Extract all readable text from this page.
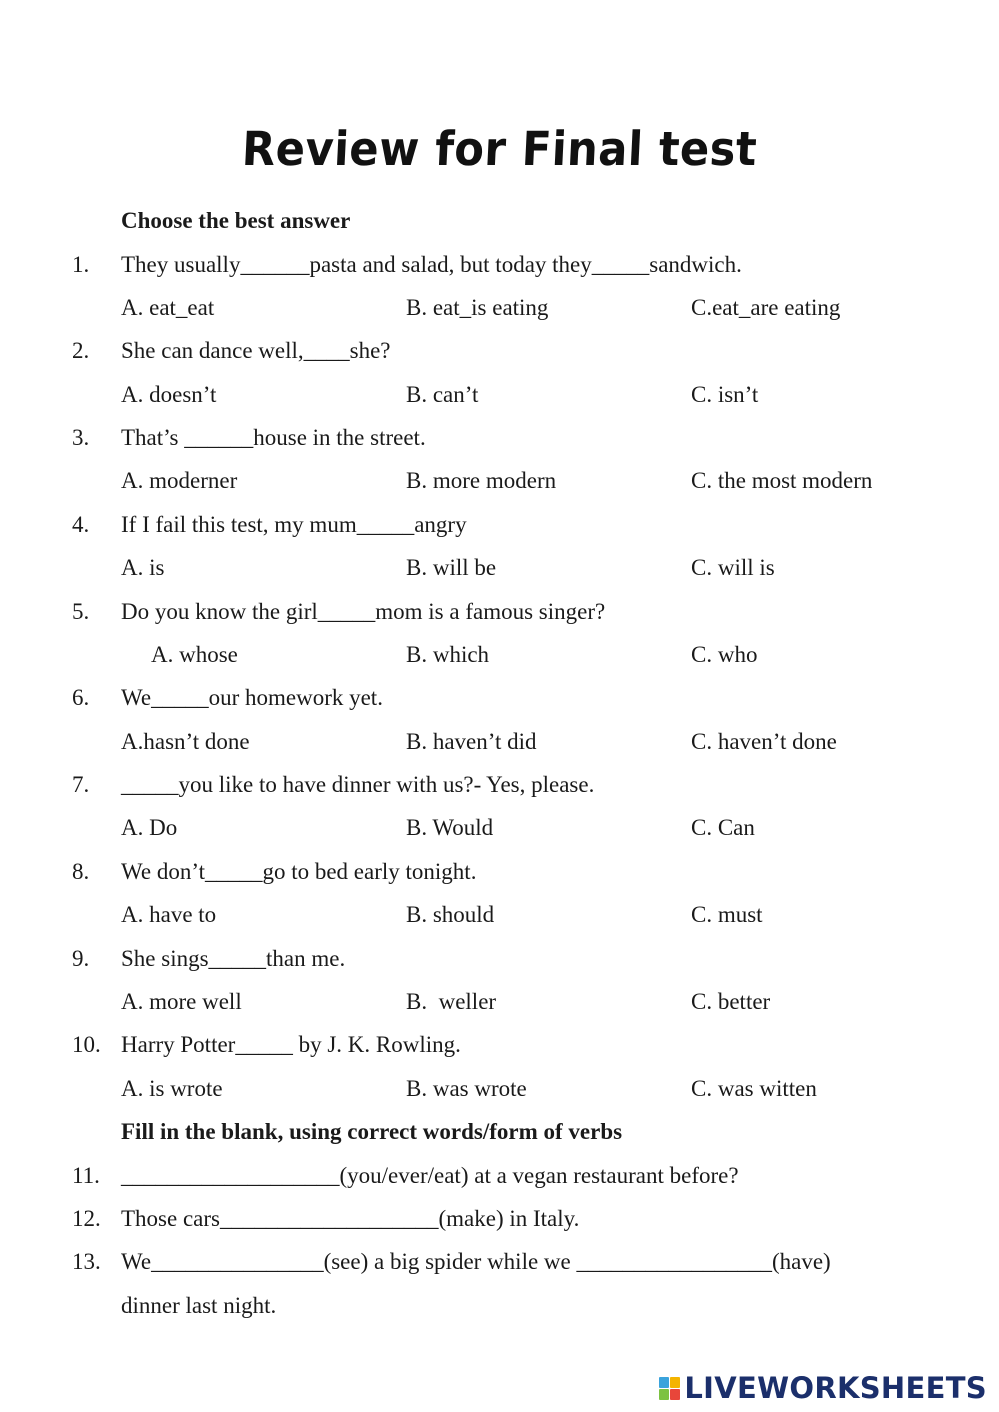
Review for Final test
Choose the best answer
1. They usually______pasta and salad, but today they_____sandwich.
A. eat_eat	B. eat_is eating	C.eat_are eating
2. She can dance well,____she?
A. doesn’t	B. can’t	C. isn’t
3. That’s ______house in the street.
A. moderner	B. more modern	C. the most modern
4. If I fail this test, my mum_____angry
A. is	B. will be	C. will is
5. Do you know the girl_____mom is a famous singer?
A. whose	B. which	C. who
6. We_____our homework yet.
A.hasn’t done	B. haven’t did	C. haven’t done
7. _____you like to have dinner with us?- Yes, please.
A. Do	B. Would	C. Can
8. We don’t_____go to bed early tonight.
A. have to	B. should	C. must
9. She sings_____than me.
A. more well	B.  weller	C. better
10. Harry Potter_____ by J. K. Rowling.
A. is wrote	B. was wrote	C. was witten
Fill in the blank, using correct words/form of verbs
11. ___________________(you/ever/eat) at a vegan restaurant before?
12. Those cars___________________(make) in Italy.
13. We_______________(see) a big spider while we _________________(have)
dinner last night.
LIVEWORKSHEETS
